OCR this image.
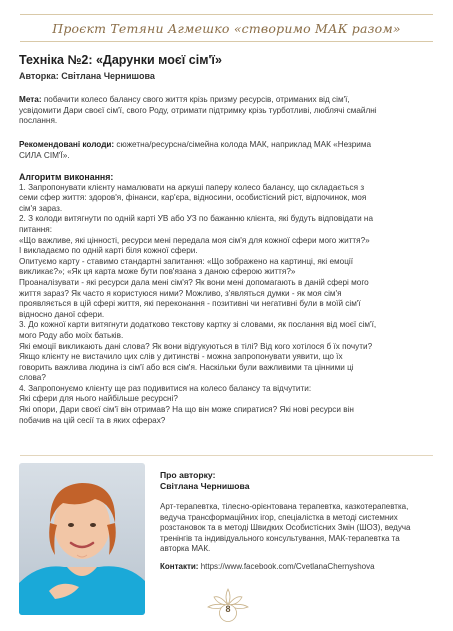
Проєкт Тетяни Агмешко «створимо МАК разом»
Техніка №2: «Дарунки моєї сім'ї»
Авторка: Світлана Чернишова
Мета: побачити колесо балансу свого життя крізь призму ресурсів, отриманих від сім'ї,
усвідомити Дари своєї сім'ї, свого Роду, отримати підтримку крізь турботливі, люблячі смайлні
послання.
Рекомендовані колоди: сюжетна/ресурсна/сімейна колода МАК, наприклад МАК «Незрима
СИЛА СІМ'Ї».
Алгоритм виконання:
1. Запропонувати клієнту намалювати на аркуші паперу колесо балансу, що складається з
семи сфер життя: здоров'я, фінанси, кар'єра, відносини, особистісний ріст, відпочинок, моя
сім'я зараз.
2. З колоди витягнути по одній карті УВ або УЗ по бажанню клієнта, які будуть відповідати на
питання:
«Що важливе, які цінності, ресурси мені передала моя сім'я для кожної сфери мого життя?»
І викладаємо по одній карті біля кожної сфери.
Опитуємо карту - ставимо стандартні запитання: «Що зображено на картинці, які емоції
викликає?»; «Як ця карта може бути пов'язана з даною сферою життя?»
Проаналізувати - які ресурси дала мені сім'я? Як вони мені допомагають в даній сфері мого
життя зараз? Як часто я користуюся ними? Можливо, з'являться думки - як моя сім'я
проявляється в цій сфері життя, які переконання - позитивні чи негативні були в моїй сім'ї
відносно даної сфери.
3. До кожної карти витягнути додатково текстову картку зі словами, як послання від моєї сім'ї,
мого Роду або моїх батьків.
Які емоції викликають дані слова? Як вони відгукуються в тілі? Від кого хотілося б їх почути?
Якщо клієнту не вистачило цих слів у дитинстві - можна запропонувати уявити, що їх
говорить важлива людина із сім'ї або вся сім'я. Наскільки були важливими та цінними ці
слова?
4. Запропонуємо клієнту ще раз подивитися на колесо балансу та відчутити:
Які сфери для нього найбільше ресурсні?
Які опори, Дари своєї сім'ї він отримав? На що він може спиратися? Які нові ресурси він
побачив на цій сесії та в яких сферах?
Про авторку:
Світлана Чернишова
Арт-терапевтка, тілесно-орієнтована терапевтка, казкотерапевтка,
ведуча трансформаційних ігор, спеціалістка в методі системних
розстановок та в методі Швидких Особистісних Змін (ШОЗ), ведуча
тренінгів та індивідуального консультування, МАК-терапевтка та
авторка МАК.
Контакти: https://www.facebook.com/CvetlanaChernyshova
8
